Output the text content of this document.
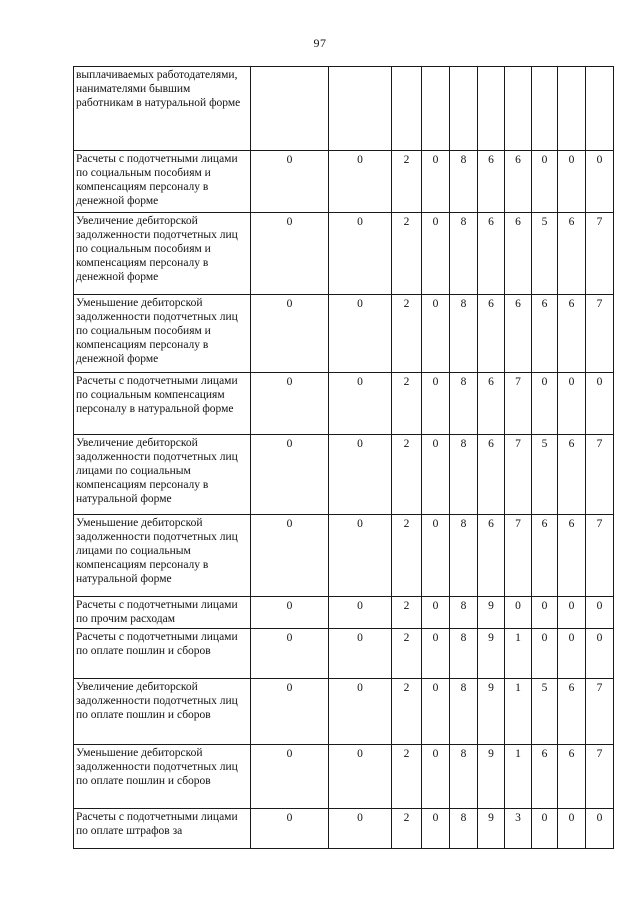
97
выплачиваемых работодателями, нанимателями бывшим работникам в натуральной форме										
Расчеты с подотчетными лицами по социальным пособиям и компенсациям персоналу в денежной форме	0	0	2	0	8	6	6	0	0	0
Увеличение дебиторской задолженности подотчетных лиц по социальным пособиям и компенсациям персоналу в денежной форме	0	0	2	0	8	6	6	5	6	7
Уменьшение дебиторской задолженности подотчетных лиц по социальным пособиям и компенсациям персоналу в денежной форме	0	0	2	0	8	6	6	6	6	7
Расчеты с подотчетными лицами по социальным компенсациям персоналу в натуральной форме	0	0	2	0	8	6	7	0	0	0
Увеличение дебиторской задолженности подотчетных лиц лицами по социальным компенсациям персоналу в натуральной форме	0	0	2	0	8	6	7	5	6	7
Уменьшение дебиторской задолженности подотчетных лиц лицами по социальным компенсациям персоналу в натуральной форме	0	0	2	0	8	6	7	6	6	7
Расчеты с подотчетными лицами по прочим расходам	0	0	2	0	8	9	0	0	0	0
Расчеты с подотчетными лицами по оплате пошлин и сборов	0	0	2	0	8	9	1	0	0	0
Увеличение дебиторской задолженности подотчетных лиц по оплате пошлин и сборов	0	0	2	0	8	9	1	5	6	7
Уменьшение дебиторской задолженности подотчетных лиц по оплате пошлин и сборов	0	0	2	0	8	9	1	6	6	7
Расчеты с подотчетными лицами по оплате штрафов за	0	0	2	0	8	9	3	0	0	0
